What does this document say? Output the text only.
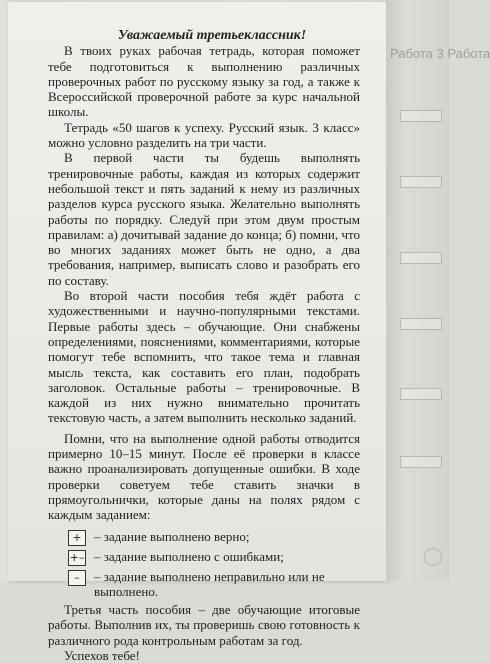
Уважаемый третьеклассник!

В твоих руках рабочая тетрадь, которая поможет тебе подготовиться к выполнению различных проверочных работ по русскому языку за год, а также к Всероссийской проверочной работе за курс начальной школы.

Тетрадь «50 шагов к успеху. Русский язык. 3 класс» можно условно разделить на три части.

В первой части ты будешь выполнять тренировочные работы, каждая из которых содержит небольшой текст и пять заданий к нему из различных разделов курса русского языка. Желательно выполнять работы по порядку. Следуй при этом двум простым правилам: а) дочитывай задание до конца; б) помни, что во многих заданиях может быть не одно, а два требования, например, выписать слово и разобрать его по составу.

Во второй части пособия тебя ждёт работа с художественными и научно-популярными текстами. Первые работы здесь – обучающие. Они снабжены определениями, пояснениями, комментариями, которые помогут тебе вспомнить, что такое тема и главная мысль текста, как составить его план, подобрать заголовок. Остальные работы – тренировочные. В каждой из них нужно внимательно прочитать текстовую часть, а затем выполнить несколько заданий.

Помни, что на выполнение одной работы отводится примерно 10–15 минут. После её проверки в классе важно проанализировать допущенные ошибки. В ходе проверки советуем тебе ставить значки в прямоугольнички, которые даны на полях рядом с каждым заданием:

+ – задание выполнено верно;
+– – задание выполнено с ошибками;
–	– задание выполнено неправильно или не выполнено.

Третья часть пособия – две обучающие итоговые работы. Выполнив их, ты проверишь свою готовность к различного рода контрольным работам за год.

Успехов тебе!

Работа 3 Работа
